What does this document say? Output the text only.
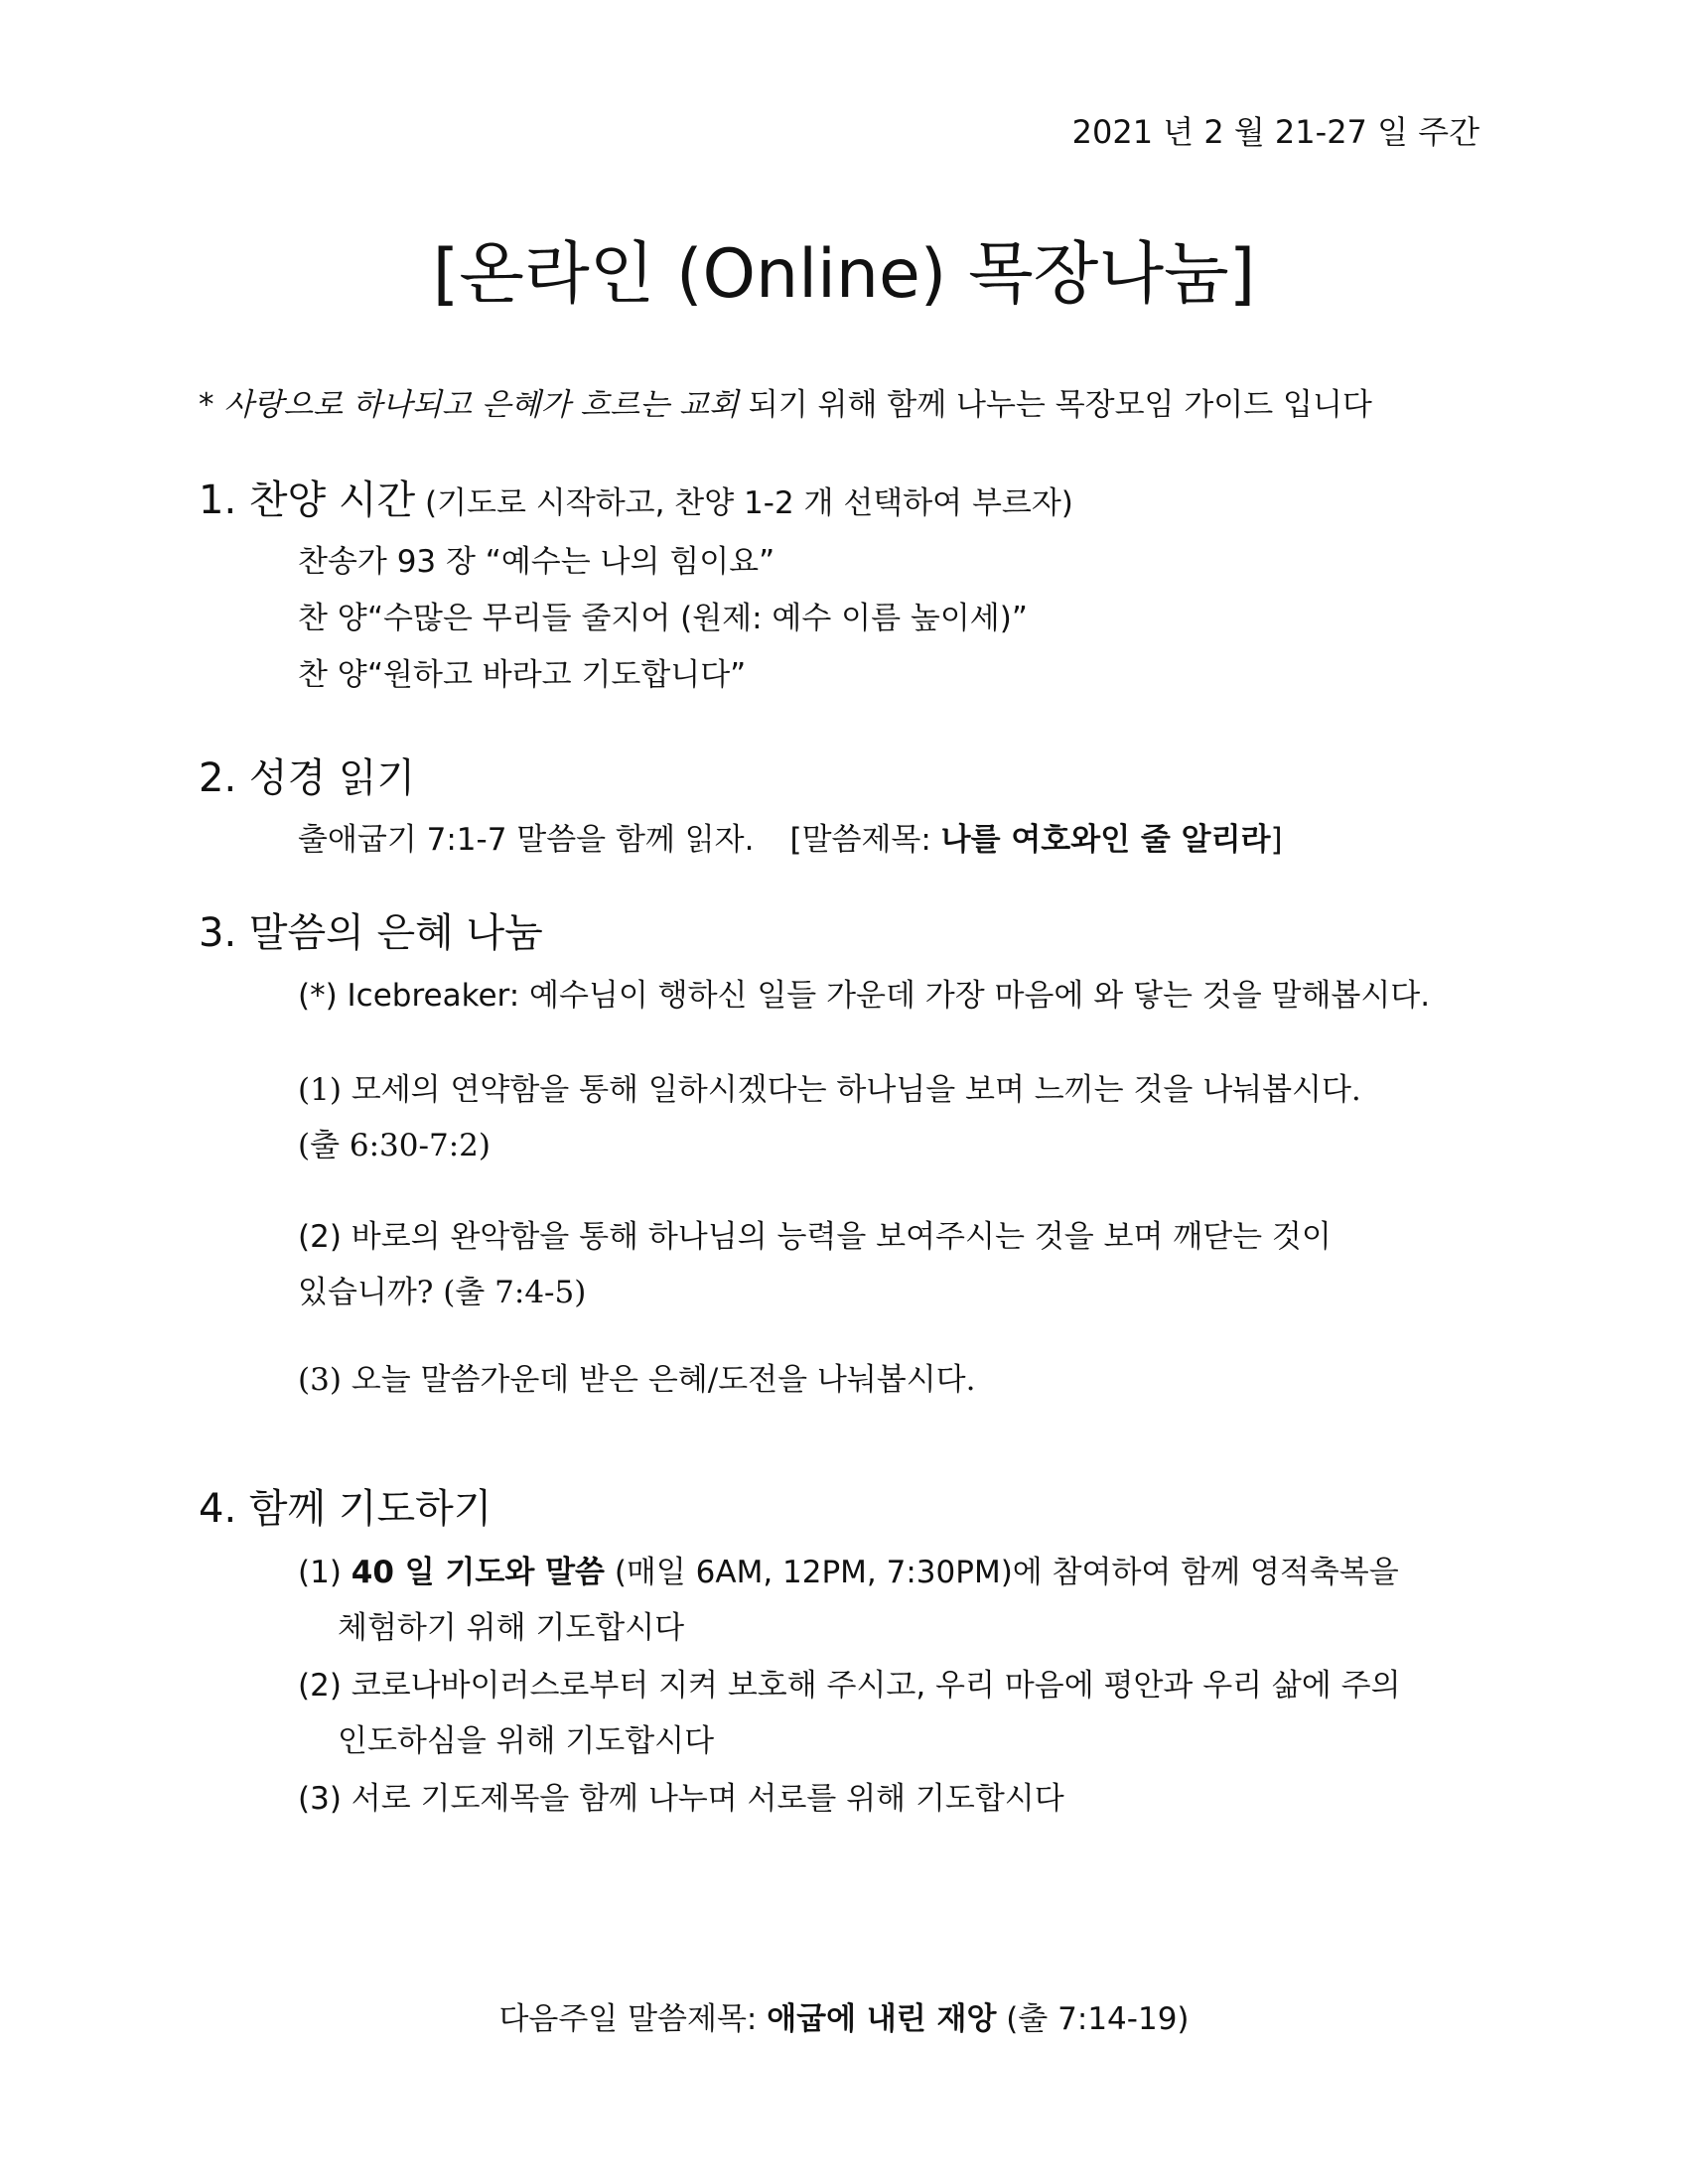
2021 년 2 월 21-27 일 주간
[온라인 (Online) 목장나눔]
* 사랑으로 하나되고 은혜가 흐르는 교회 되기 위해 함께 나누는 목장모임 가이드 입니다
1. 찬양 시간 (기도로 시작하고, 찬양 1-2 개 선택하여 부르자)
찬송가 93 장 “예수는 나의 힘이요”
찬 양“수많은 무리들 줄지어 (원제: 예수 이름 높이세)”
찬 양“원하고 바라고 기도합니다”
2. 성경 읽기
출애굽기 7:1-7 말씀을 함께 읽자. [말씀제목: 나를 여호와인 줄 알리라]
3. 말씀의 은혜 나눔
(*) Icebreaker: 예수님이 행하신 일들 가운데 가장 마음에 와 닿는 것을 말해봅시다.
(1) 모세의 연약함을 통해 일하시겠다는 하나님을 보며 느끼는 것을 나눠봅시다.
(출 6:30-7:2)
(2) 바로의 완악함을 통해 하나님의 능력을 보여주시는 것을 보며 깨닫는 것이
있습니까? (출 7:4-5)
(3) 오늘 말씀가운데 받은 은혜/도전을 나눠봅시다.
4. 함께 기도하기
(1) 40 일 기도와 말씀 (매일 6AM, 12PM, 7:30PM)에 참여하여 함께 영적축복을
체험하기 위해 기도합시다
(2) 코로나바이러스로부터 지켜 보호해 주시고, 우리 마음에 평안과 우리 삶에 주의
인도하심을 위해 기도합시다
(3) 서로 기도제목을 함께 나누며 서로를 위해 기도합시다
다음주일 말씀제목: 애굽에 내린 재앙 (출 7:14-19)
